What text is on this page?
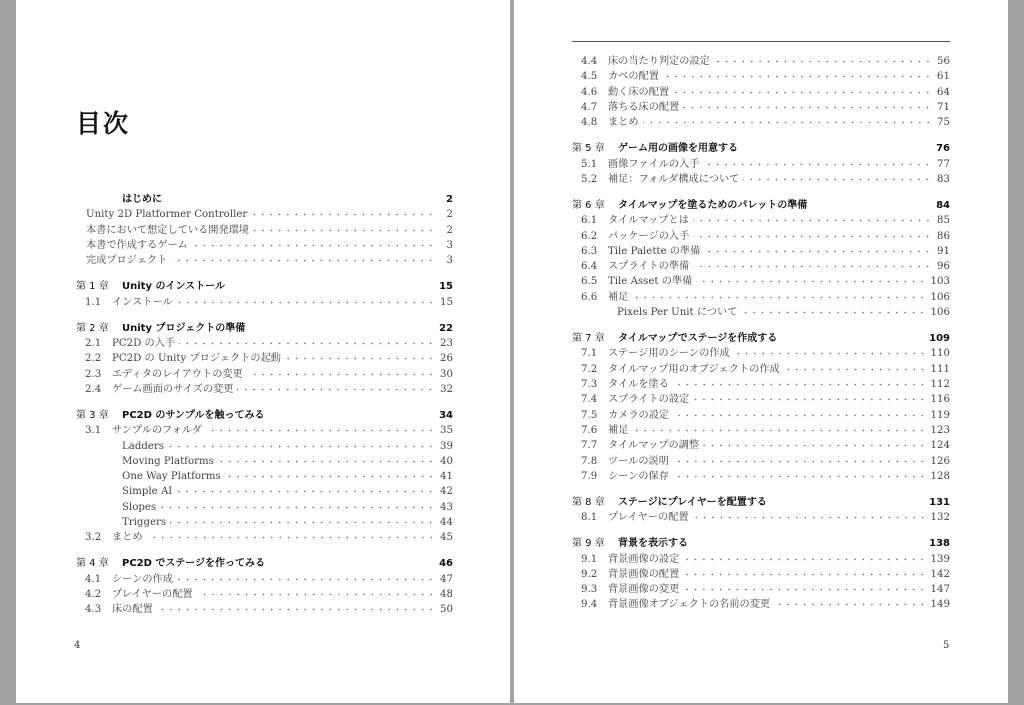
目次
はじめに	2
Unity 2D Platformer Controller	2
本書において想定している開発環境	2
本書で作成するゲーム	3
完成プロジェクト	3
第 1 章	Unity のインストール	15
1.1	インストール	15
第 2 章	Unity プロジェクトの準備	22
2.1	PC2D の入手	23
2.2	PC2D の Unity プロジェクトの起動	26
2.3	エディタのレイアウトの変更	30
2.4	ゲーム画面のサイズの変更	32
第 3 章	PC2D のサンプルを触ってみる	34
3.1	サンプルのフォルダ	35
Ladders	39
Moving Platforms	40
One Way Platforms	41
Simple AI	42
Slopes	43
Triggers	44
3.2	まとめ	45
第 4 章	PC2D でステージを作ってみる	46
4.1	シーンの作成	47
4.2	プレイヤーの配置	48
4.3	床の配置	50
4
4.4	床の当たり判定の設定	56
4.5	カベの配置	61
4.6	動く床の配置	64
4.7	落ちる床の配置	71
4.8	まとめ	75
第 5 章	ゲーム用の画像を用意する	76
5.1	画像ファイルの入手	77
5.2	補足：フォルダ構成について	83
第 6 章	タイルマップを塗るためのパレットの準備	84
6.1	タイルマップとは	85
6.2	パッケージの入手	86
6.3	Tile Palette の準備	91
6.4	スプライトの準備	96
6.5	Tile Asset の準備	103
6.6	補足	106
Pixels Per Unit について	106
第 7 章	タイルマップでステージを作成する	109
7.1	ステージ用のシーンの作成	110
7.2	タイルマップ用のオブジェクトの作成	111
7.3	タイルを塗る	112
7.4	スプライトの設定	116
7.5	カメラの設定	119
7.6	補足	123
7.7	タイルマップの調整	124
7.8	ツールの説明	126
7.9	シーンの保存	128
第 8 章	ステージにプレイヤーを配置する	131
8.1	プレイヤーの配置	132
第 9 章	背景を表示する	138
9.1	背景画像の設定	139
9.2	背景画像の配置	142
9.3	背景画像の変更	147
9.4	背景画像オブジェクトの名前の変更	149
5
